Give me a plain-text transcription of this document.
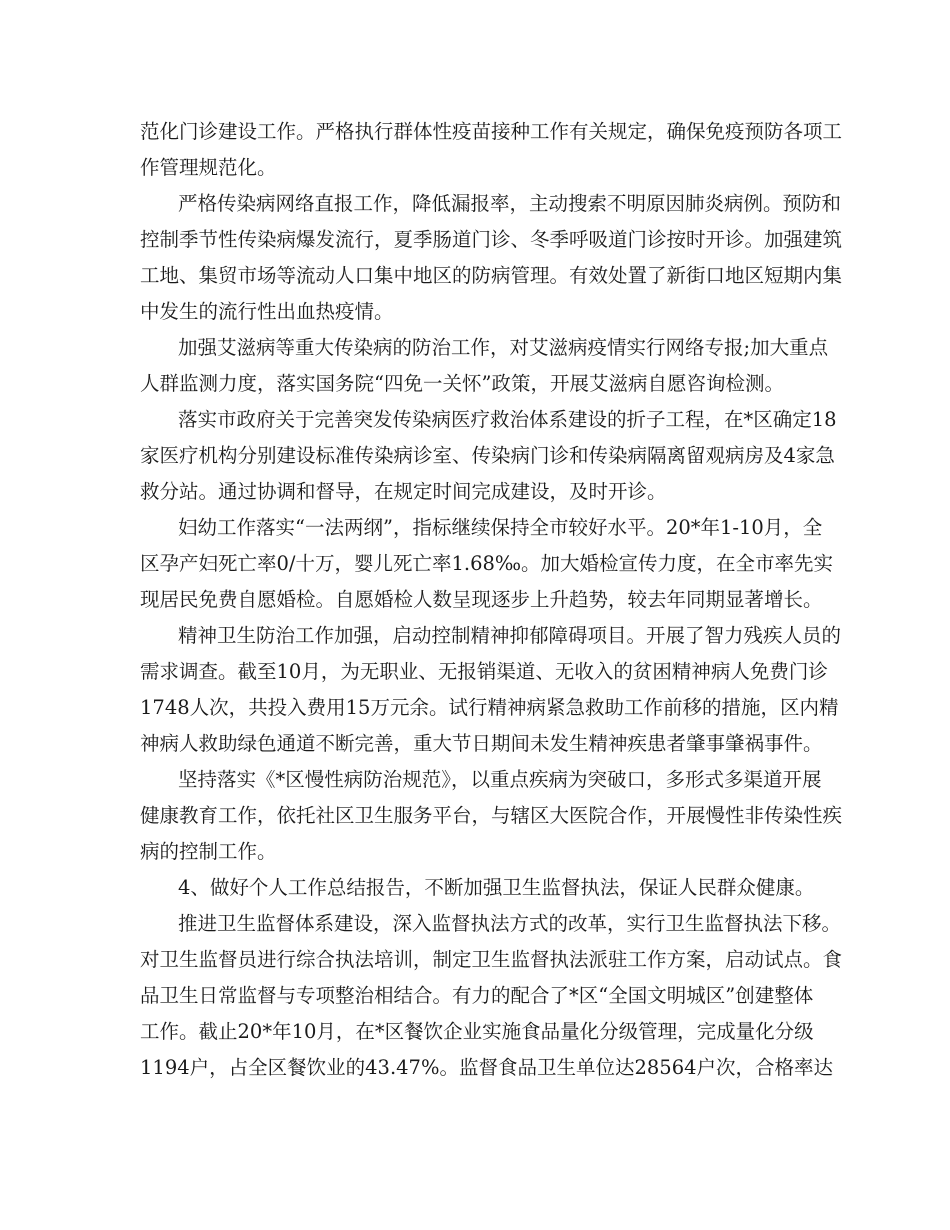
范化门诊建设工作。严格执行群体性疫苗接种工作有关规定，确保免疫预防各项工
作管理规范化。
严格传染病网络直报工作，降低漏报率，主动搜索不明原因肺炎病例。预防和
控制季节性传染病爆发流行，夏季肠道门诊、冬季呼吸道门诊按时开诊。加强建筑
工地、集贸市场等流动人口集中地区的防病管理。有效处置了新街口地区短期内集
中发生的流行性出血热疫情。
加强艾滋病等重大传染病的防治工作，对艾滋病疫情实行网络专报;加大重点
人群监测力度，落实国务院“四免一关怀”政策，开展艾滋病自愿咨询检测。
落实市政府关于完善突发传染病医疗救治体系建设的折子工程，在*区确定18
家医疗机构分别建设标准传染病诊室、传染病门诊和传染病隔离留观病房及4家急
救分站。通过协调和督导，在规定时间完成建设，及时开诊。
妇幼工作落实“一法两纲”，指标继续保持全市较好水平。20*年1-10月，全
区孕产妇死亡率0/十万，婴儿死亡率1.68‰。加大婚检宣传力度，在全市率先实
现居民免费自愿婚检。自愿婚检人数呈现逐步上升趋势，较去年同期显著增长。
精神卫生防治工作加强，启动控制精神抑郁障碍项目。开展了智力残疾人员的
需求调查。截至10月，为无职业、无报销渠道、无收入的贫困精神病人免费门诊
1748人次，共投入费用15万元余。试行精神病紧急救助工作前移的措施，区内精
神病人救助绿色通道不断完善，重大节日期间未发生精神疾患者肇事肇祸事件。
坚持落实《*区慢性病防治规范》，以重点疾病为突破口，多形式多渠道开展
健康教育工作，依托社区卫生服务平台，与辖区大医院合作，开展慢性非传染性疾
病的控制工作。
4、做好个人工作总结报告，不断加强卫生监督执法，保证人民群众健康。
推进卫生监督体系建设，深入监督执法方式的改革，实行卫生监督执法下移。
对卫生监督员进行综合执法培训，制定卫生监督执法派驻工作方案，启动试点。食
品卫生日常监督与专项整治相结合。有力的配合了*区“全国文明城区”创建整体
工作。截止20*年10月，在*区餐饮企业实施食品量化分级管理，完成量化分级
1194户，占全区餐饮业的43.47%。监督食品卫生单位达28564户次，合格率达
